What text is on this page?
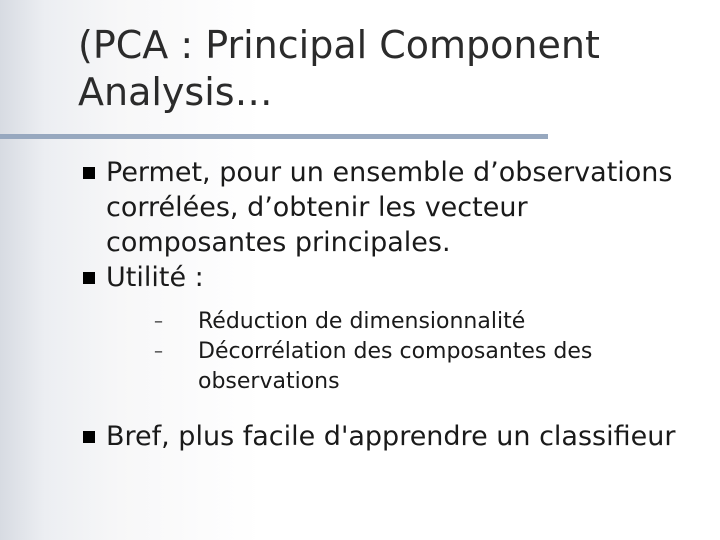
(PCA : Principal Component Analysis…
Permet, pour un ensemble d’observations corrélées, d’obtenir les vecteur composantes principales.
Utilité :
– Réduction de dimensionnalité
– Décorrélation des composantes des observations
Bref, plus facile d'apprendre un classifieur
